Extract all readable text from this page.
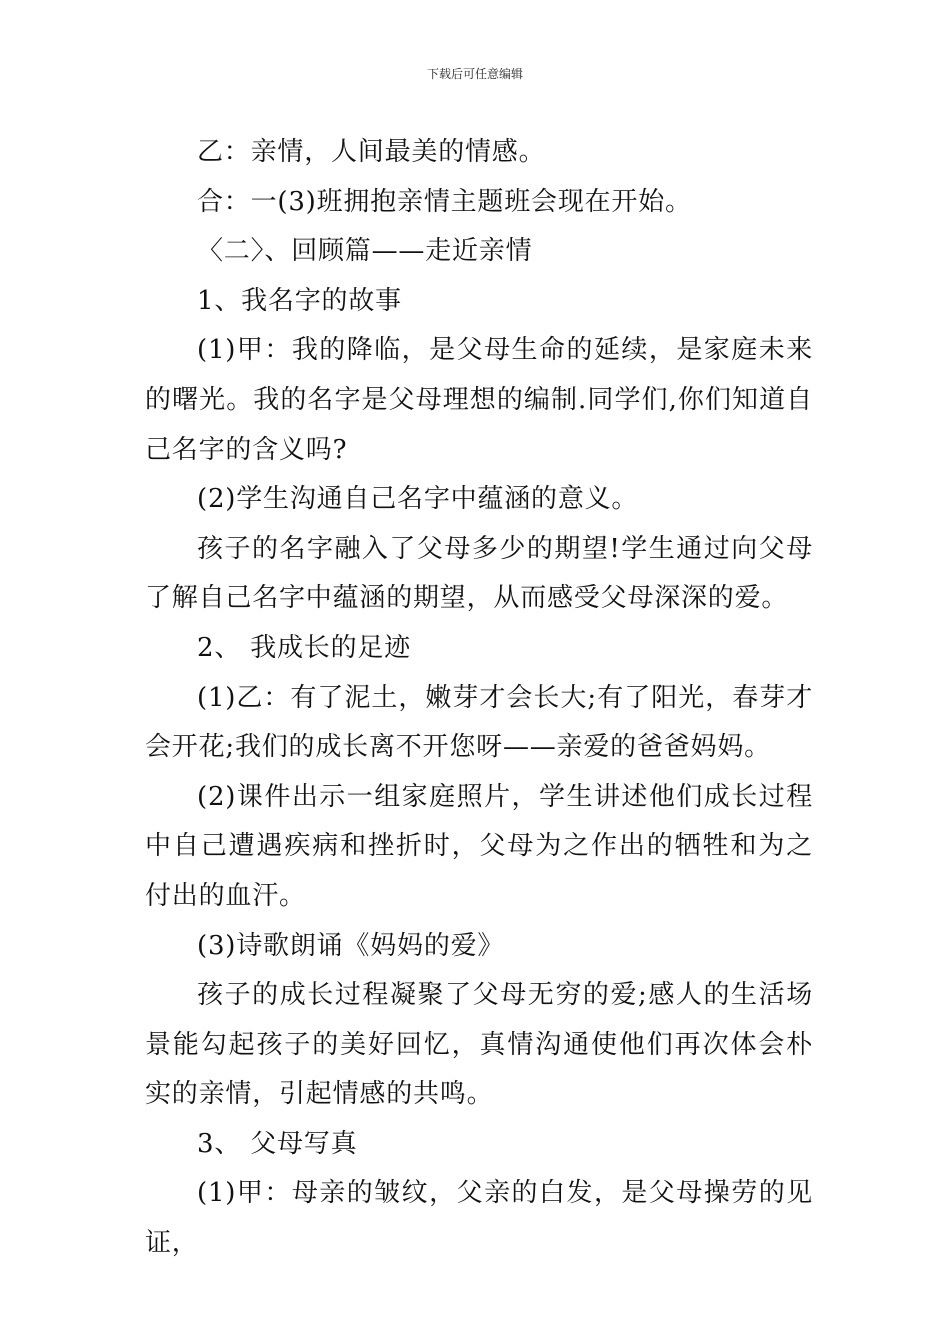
下载后可任意编辑

乙：亲情，人间最美的情感。

合：一(3)班拥抱亲情主题班会现在开始。

〈二〉、回顾篇——走近亲情

1、我名字的故事

(1)甲：我的降临，是父母生命的延续，是家庭未来的曙光。我的名字是父母理想的编制.同学们,你们知道自己名字的含义吗?

(2)学生沟通自己名字中蕴涵的意义。

孩子的名字融入了父母多少的期望!学生通过向父母了解自己名字中蕴涵的期望，从而感受父母深深的爱。

2、 我成长的足迹

(1)乙：有了泥土，嫩芽才会长大;有了阳光，春芽才会开花;我们的成长离不开您呀——亲爱的爸爸妈妈。

(2)课件出示一组家庭照片，学生讲述他们成长过程中自己遭遇疾病和挫折时，父母为之作出的牺牲和为之付出的血汗。

(3)诗歌朗诵《妈妈的爱》

孩子的成长过程凝聚了父母无穷的爱;感人的生活场景能勾起孩子的美好回忆，真情沟通使他们再次体会朴实的亲情，引起情感的共鸣。

3、 父母写真

(1)甲：母亲的皱纹，父亲的白发，是父母操劳的见证，
